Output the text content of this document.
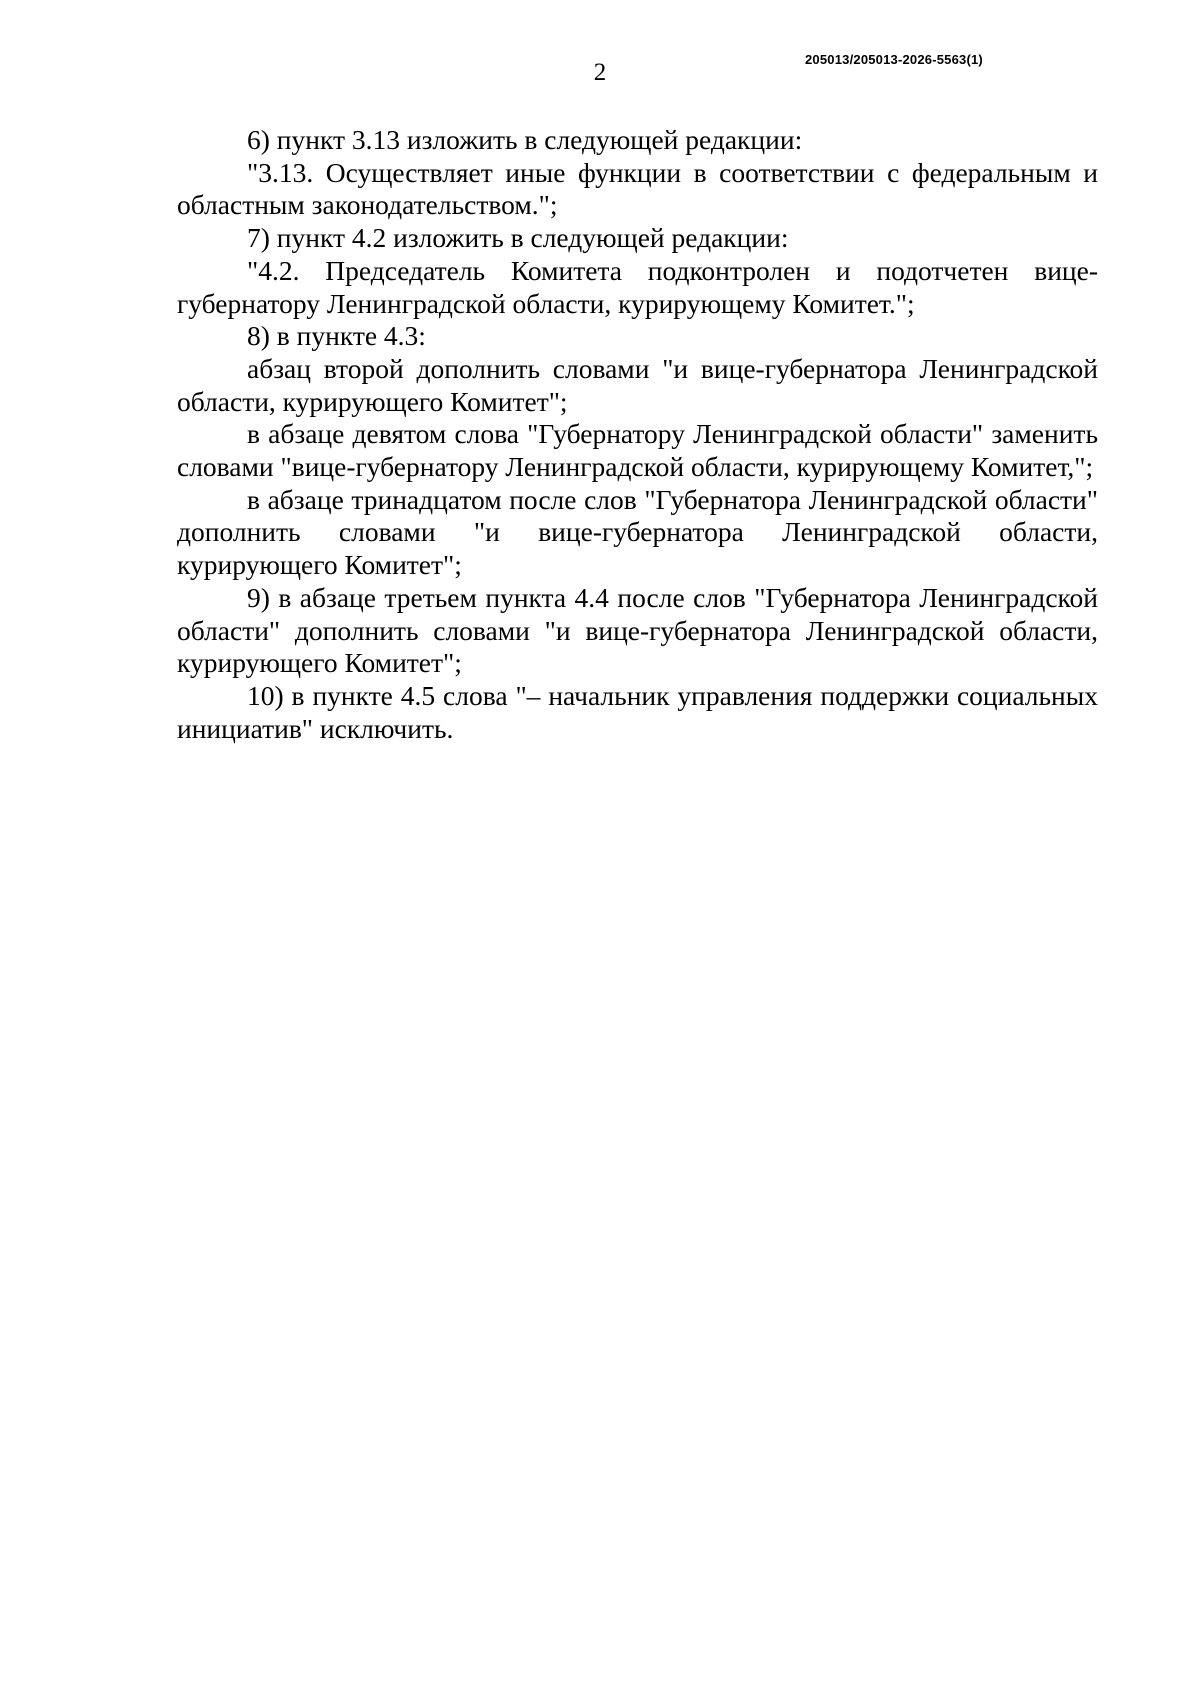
205013/205013-2026-5563(1)
2

6) пункт 3.13 изложить в следующей редакции:

"3.13. Осуществляет иные функции в соответствии с федеральным и областным законодательством.";

7) пункт 4.2 изложить в следующей редакции:

"4.2. Председатель Комитета подконтролен и подотчетен вице-губернатору Ленинградской области, курирующему Комитет.";

8) в пункте 4.3:

абзац второй дополнить словами "и вице-губернатора Ленинградской области, курирующего Комитет";

в абзаце девятом слова "Губернатору Ленинградской области" заменить словами "вице-губернатору Ленинградской области, курирующему Комитет,";

в абзаце тринадцатом после слов "Губернатора Ленинградской области" дополнить словами "и вице-губернатора Ленинградской области, курирующего Комитет";

9) в абзаце третьем пункта 4.4 после слов "Губернатора Ленинградской области" дополнить словами "и вице-губернатора Ленинградской области, курирующего Комитет";

10) в пункте 4.5 слова "– начальник управления поддержки социальных инициатив" исключить.
